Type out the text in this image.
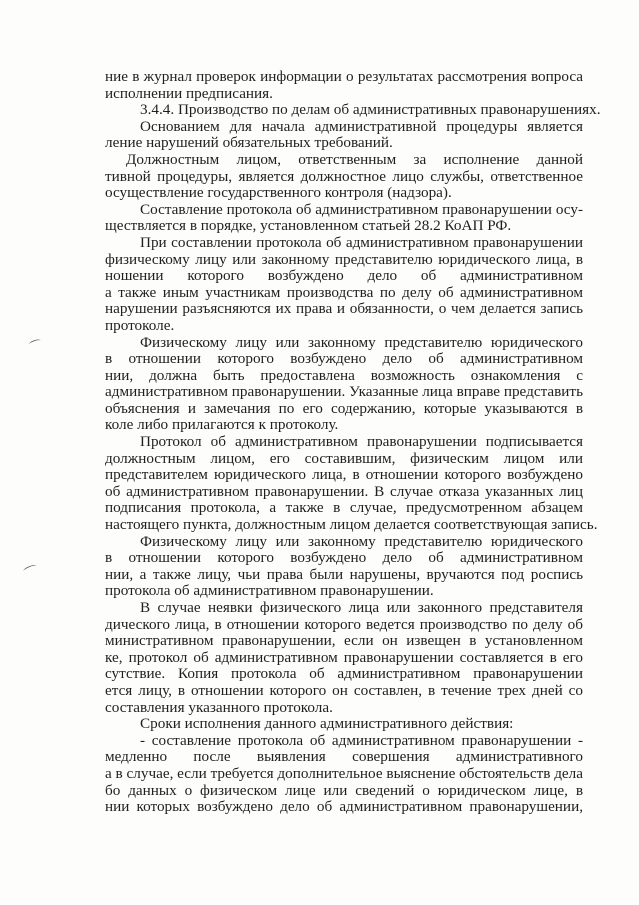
ние в журнал проверок информации о результатах рассмотрения вопроса
исполнении предписания.
3.4.4. Производство по делам об административных правонарушениях.
Основанием для начала административной процедуры является
ление нарушений обязательных требований.
Должностным лицом, ответственным за исполнение данной
тивной процедуры, является должностное лицо службы, ответственное
осуществление государственного контроля (надзора).
Составление протокола об административном правонарушении осу-
ществляется в порядке, установленном статьей 28.2 КоАП РФ.
При составлении протокола об административном правонарушении
физическому лицу или законному представителю юридического лица, в
ношении которого возбуждено дело об административном
а также иным участникам производства по делу об административном
нарушении разъясняются их права и обязанности, о чем делается запись
протоколе.
Физическому лицу или законному представителю юридического
в отношении которого возбуждено дело об административном
нии, должна быть предоставлена возможность ознакомления с
административном правонарушении. Указанные лица вправе представить
объяснения и замечания по его содержанию, которые указываются в
коле либо прилагаются к протоколу.
Протокол об административном правонарушении подписывается
должностным лицом, его составившим, физическим лицом или
представителем юридического лица, в отношении которого возбуждено
об административном правонарушении. В случае отказа указанных лиц
подписания протокола, а также в случае, предусмотренном абзацем
настоящего пункта, должностным лицом делается соответствующая запись.
Физическому лицу или законному представителю юридического
в отношении которого возбуждено дело об административном
нии, а также лицу, чьи права были нарушены, вручаются под роспись
протокола об административном правонарушении.
В случае неявки физического лица или законного представителя
дического лица, в отношении которого ведется производство по делу об
министративном правонарушении, если он извещен в установленном
ке, протокол об административном правонарушении составляется в его
сутствие. Копия протокола об административном правонарушении
ется лицу, в отношении которого он составлен, в течение трех дней со
составления указанного протокола.
Сроки исполнения данного административного действия:
- составление протокола об административном правонарушении -
медленно после выявления совершения административного
а в случае, если требуется дополнительное выяснение обстоятельств дела
бо данных о физическом лице или сведений о юридическом лице, в
нии которых возбуждено дело об административном правонарушении,
